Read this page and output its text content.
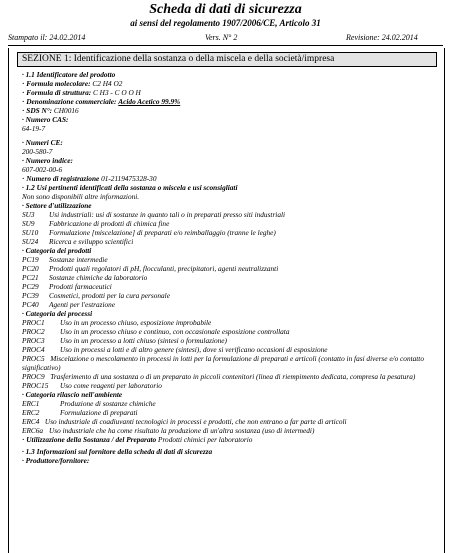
Scheda di dati di sicurezza
ai sensi del regolamento 1907/2006/CE, Articolo 31
Stampato il: 24.02.2014	Vers. N° 2	Revisione: 24.02.2014
SEZIONE 1: Identificazione della sostanza o della miscela e della società/impresa
· 1.1 Identificatore del prodotto
· Formula molecolare: C2 H4 O2
· Formula di struttura: C H3 - C O O H
· Denominazione commerciale: Acido Acetico 99.9%
· SDS N°: CH0016
· Numero CAS:
64-19-7
· Numeri CE:
200-580-7
· Numero indice:
607-002-00-6
· Numero di registrazione 01-2119475328-30
· 1.2 Usi pertinenti identificati della sostanza o miscela e usi sconsigliati
Non sono disponibili altre informazioni.
· Settore d'utilizzazione
SU3	Usi industriali: usi di sostanze in quanto tali o in preparati presso siti industriali
SU9	Fabbricazione di prodotti di chimica fine
SU10	Formulazione [miscelazione] di preparati e/o reimballaggio (tranne le leghe)
SU24	Ricerca e sviluppo scientifici
· Categoria dei prodotti
PC19	Sostanze intermedie
PC20	Prodotti quali regolatori di pH, flocculanti, precipitatori, agenti neutralizzanti
PC21	Sostanze chimiche da laboratorio
PC29	Prodotti farmaceutici
PC39	Cosmetici, prodotti per la cura personale
PC40	Agenti per l'estrazione
· Categoria dei processi
PROC1	Uso in un processo chiuso, esposizione improbabile
PROC2	Uso in un processo chiuso e continuo, con occasionale esposizione controllata
PROC3	Uso in un processo a lotti chiuso (sintesi o formulazione)
PROC4	Uso in processi a lotti e di altro genere (sintesi), dove si verificano occasioni di esposizione
PROC5 Miscelazione o mescolamento in processi in lotti per la formulazione di preparati e articoli (contatto in fasi diverse e/o contatto significativo)
PROC9 Trasferimento di una sostanza o di un preparato in piccoli contenitori (linea di riempimento dedicata, compresa la pesatura)
PROC15	Uso come reagenti per laboratorio
· Categoria rilascio nell'ambiente
ERC1	Produzione di sostanze chimiche
ERC2	Formulazione di preparati
ERC4 Uso industriale di coadiuvanti tecnologici in processi e prodotti, che non entrano a far parte di articoli
ERC6a Uso industriale che ha come risultato la produzione di un'altra sostanza (uso di intermedi)
· Utilizzazione della Sostanza / del Preparato Prodotti chimici per laboratorio
· 1.3 Informazioni sul fornitore della scheda di dati di sicurezza
· Produttore/fornitore:
